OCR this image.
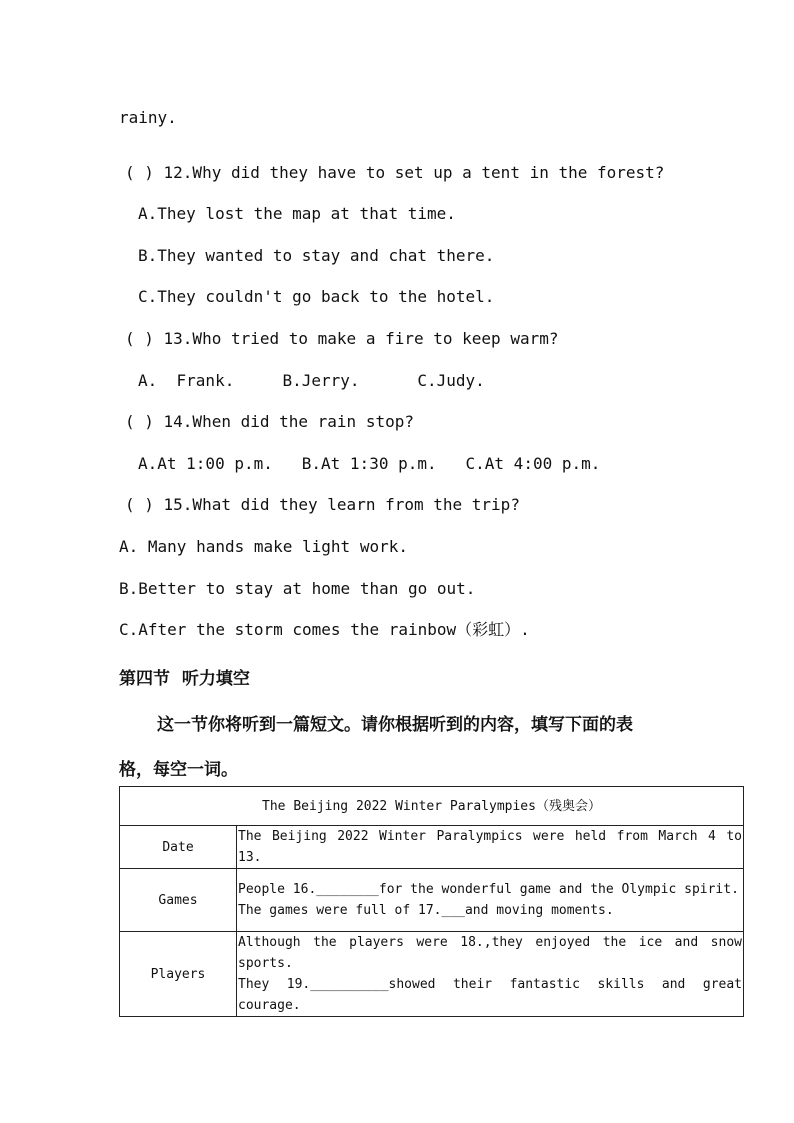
rainy.
( ) 12.Why did they have to set up a tent in the forest?
A.They lost the map at that time.
B.They wanted to stay and chat there.
C.They couldn't go back to the hotel.
( ) 13.Who tried to make a fire to keep warm?
A.  Frank.     B.Jerry.      C.Judy.
( ) 14.When did the rain stop?
A.At 1:00 p.m.   B.At 1:30 p.m.   C.At 4:00 p.m.
( ) 15.What did they learn from the trip?
A. Many hands make light work.
B.Better to stay at home than go out.
C.After the storm comes the rainbow（彩虹）.
第四节  听力填空
这一节你将听到一篇短文。请你根据听到的内容，填写下面的表
格，每空一词。
The Beijing 2022 Winter Paralympies（残奥会）	
Date	The Beijing 2022 Winter Paralympics were held from March 4 to 13.

Games	People 16.________for the wonderful game and the Olympic spirit.
The games were full of 17.___and moving moments.

Players	Although the players were 18.,they enjoyed the ice and snow sports.
They 19.__________showed their fantastic skills and great courage.
